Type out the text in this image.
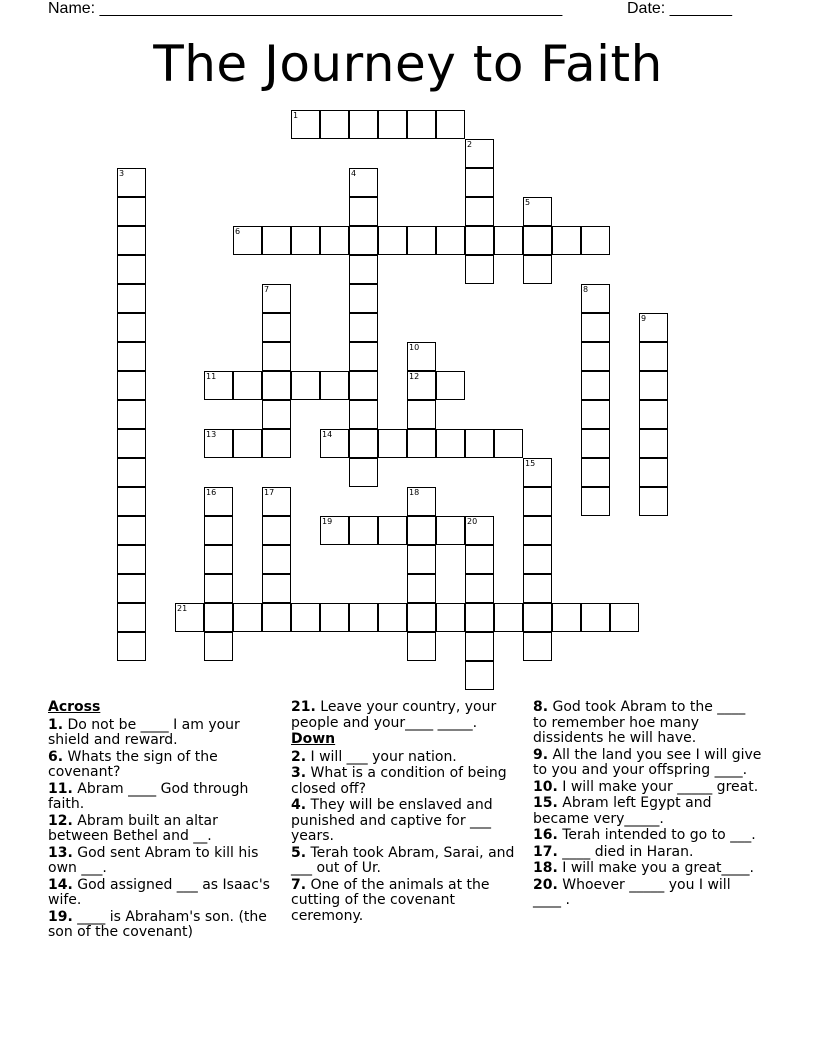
Name: ____________________________________________________	Date: _______
The Journey to Faith
1
6
11	12
13	14
19	20
21
2
3	4
5
7	8
9
10
15
16	17	18
Across
1. Do not be ____ I am your shield and reward.
6. Whats the sign of the covenant?
11. Abram ____ God through faith.
12. Abram built an altar between Bethel and __.
13. God sent Abram to kill his own ___.
14. God assigned ___ as Isaac's wife.
19. ____ is Abraham's son. (the son of the covenant)
21. Leave your country, your people and your____ _____.
Down
2. I will ___ your nation.
3. What is a condition of being closed off?
4. They will be enslaved and punished and captive for ___ years.
5. Terah took Abram, Sarai, and ___ out of Ur.
7. One of the animals at the cutting of the covenant ceremony.
8. God took Abram to the ____ to remember hoe many dissidents he will have.
9. All the land you see I will give to you and your offspring ____.
10. I will make your _____ great.
15. Abram left Egypt and became very_____.
16. Terah intended to go to ___.
17. ____ died in Haran.
18. I will make you a great____.
20. Whoever _____ you I will ____ .
